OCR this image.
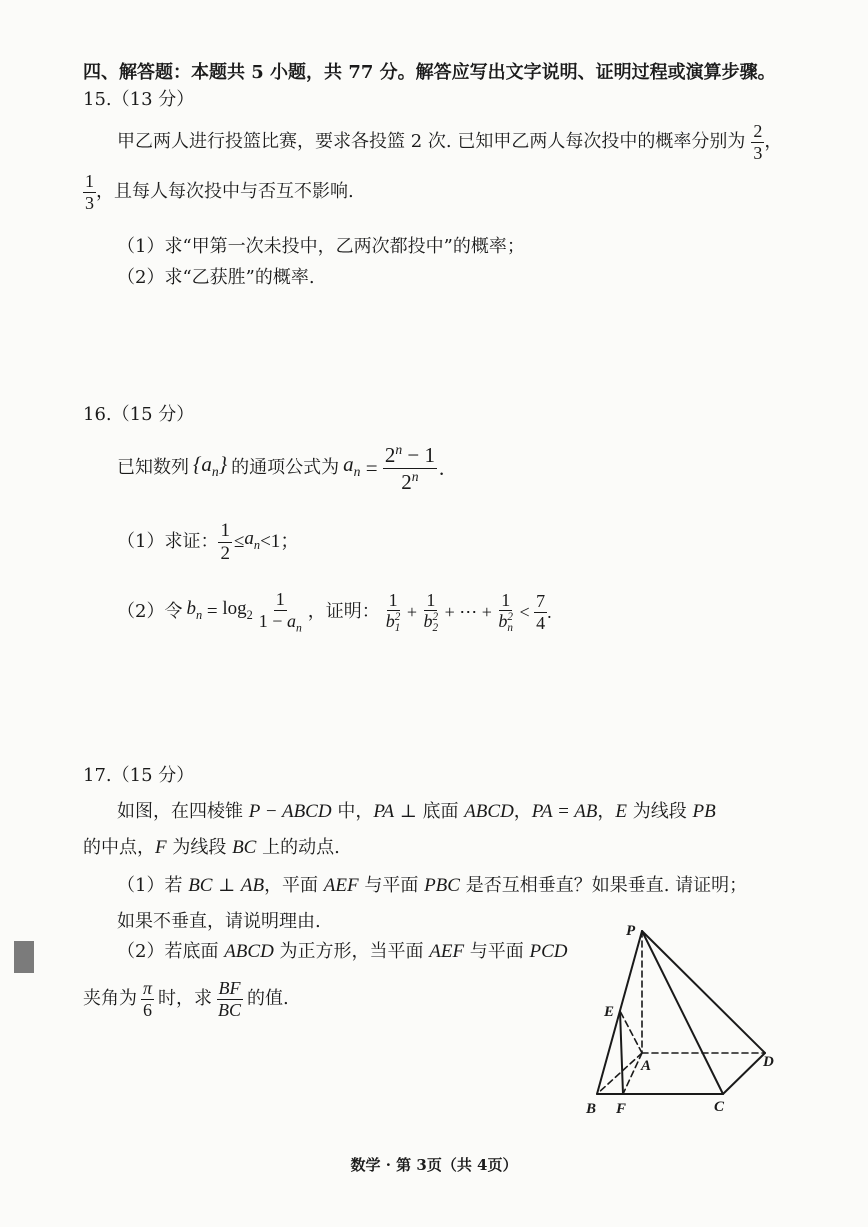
四、解答题：本题共 5 小题，共 77 分。解答应写出文字说明、证明过程或演算步骤。
15.（13 分）
甲乙两人进行投篮比赛，要求各投篮 2 次. 已知甲乙两人每次投中的概率分别为 $\frac{2}{3}$ ，
$\frac{1}{3}$ ，且每人每次投中与否互不影响.
（1）求“甲第一次未投中，乙两次都投中”的概率；
（2）求“乙获胜”的概率.
16.（15 分）
已知数列 $\{a_n\}$ 的通项公式为 $a_n = \frac{2^n - 1}{2^n}$ .
（1）求证： $\frac{1}{2} \le a_n <1$；
（2）令 $b_n = \log_2 \frac{1}{1 - a_n}$ ，证明： 1
b 2
1 + 1
b 2
2 + ⋯ + 1
b 2
$n < \frac{7}{4}$ .
17.（15 分）
如图，在四棱锥 P − ABCD 中，PA ⊥ 底面 ABCD，PA = AB，E 为线段 PB
的中点，F 为线段 BC 上的动点.
（1）若 BC ⊥ AB，平面 AEF 与平面 PBC 是否互相垂直？如果垂直. 请证明；
如果不垂直，请说明理由.
（2）若底面 ABCD 为正方形，当平面 AEF 与平面 PCD
夹角为 $\frac{\pi}{6}$ 时，求 $\frac{BF}{BC}$ 的值.
P
E
A	D
B F	C
数学 · 第 3页（共 4页）
